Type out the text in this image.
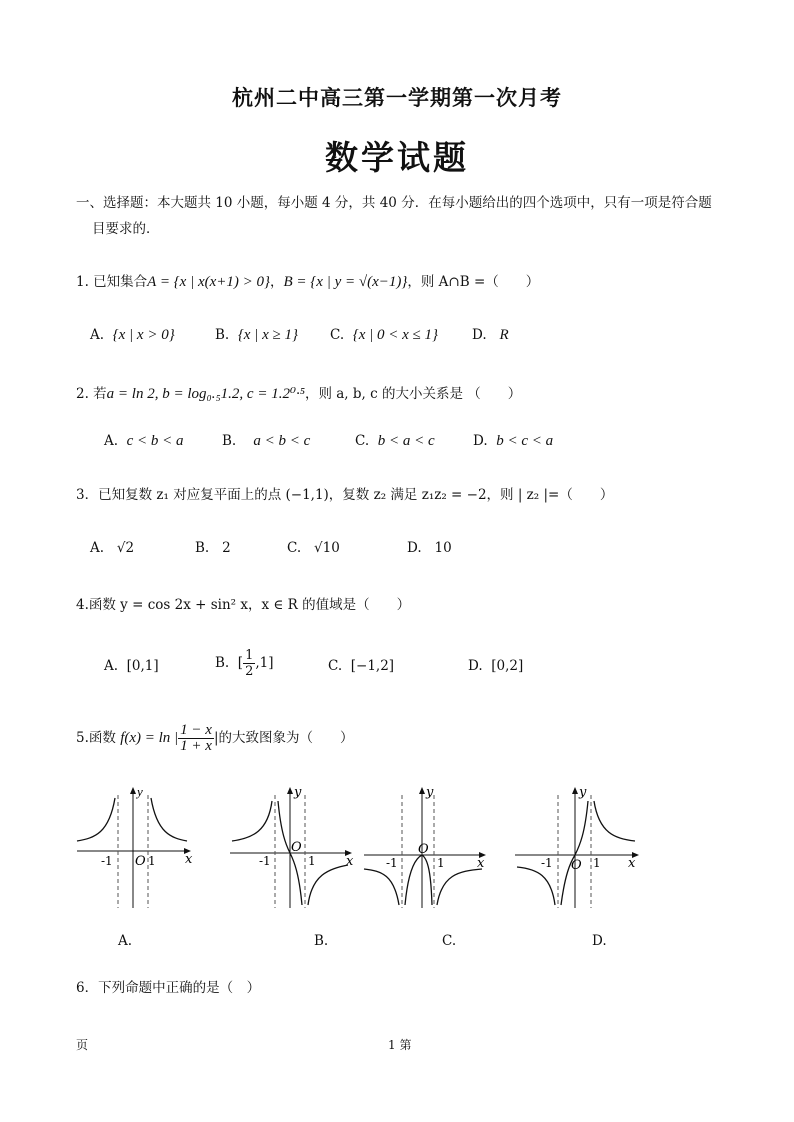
杭州二中高三第一学期第一次月考
数学试题
一、选择题：本大题共 10 小题，每小题 4 分，共 40 分．在每小题给出的四个选项中，只有一项是符合题
目要求的．
1. 已知集合A = {x | x(x+1) > 0}，B = {x | y = √(x−1)}，则 A∩B =（　　）
A. {x | x > 0}	B. {x | x ≥ 1} C. {x | 0 < x ≤ 1}	D. R
2. 若a = ln 2, b = log₀.₅1.2, c = 1.2⁰·⁵，则 a, b, c 的大小关系是 （　　）
A. c < b < a	B. a < b < c	C. b < a < c	D. b < c < a
3．已知复数 z₁ 对应复平面上的点 (−1,1)，复数 z₂ 满足 z₁z₂ = −2，则 | z₂ |=（　　）
A. √2	B. 2	C. √10	D. 10
4.函数 y = cos 2x + sin² x，x ∈ R 的值域是（　　）
A. [0,1]	B.  [ $\frac{1}{2} ,1$]	C. [−1,2]	D. [0,2]
5.函数 f(x) = ln | $\frac{1 - x}{1 + x}$ |的大致图象为（　　）
y
x
O
-1	1
y
x
O
-1	1
y
x
O
-1	1
y
x
O
-1	1
A.	B.	C.	D.
6．下列命题中正确的是（　）
页	1 第
